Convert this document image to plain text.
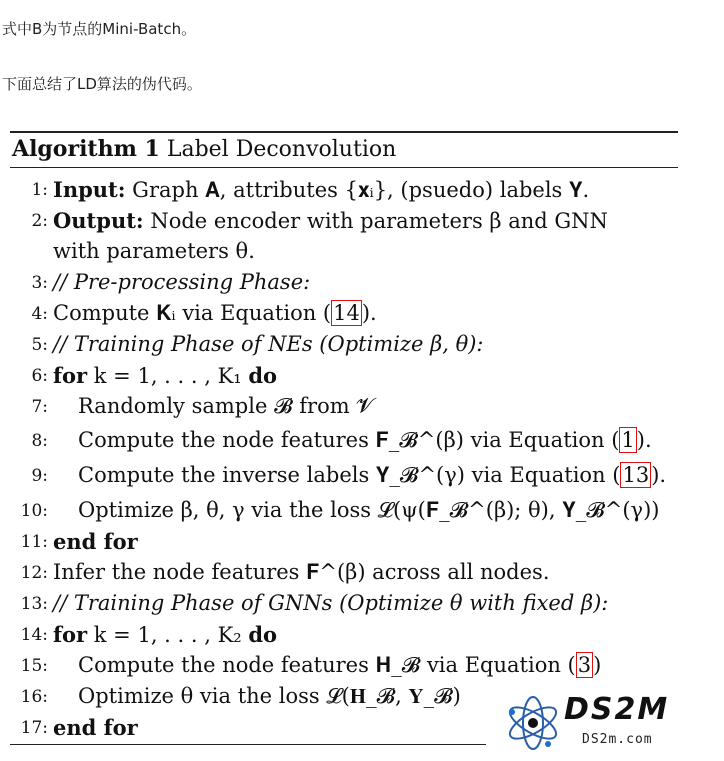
式中B为节点的Mini-Batch。
下面总结了LD算法的伪代码。
Algorithm 1 Label Deconvolution
1: Input: Graph 𝐀, attributes {𝐱ᵢ}, (psuedo) labels 𝐘.
2: Output: Node encoder with parameters β and GNN
with parameters θ.
3: // Pre-processing Phase:
4: Compute 𝐊ᵢ via Equation (14).
5: // Training Phase of NEs (Optimize β, θ):
6: for k = 1, . . . , K₁ do
7: Randomly sample 𝓑 from 𝓥
8: Compute the node features 𝐅_𝓑^(β) via Equation (1).
9: Compute the inverse labels 𝐘_𝓑^(γ) via Equation (13).
10: Optimize β, θ, γ via the loss 𝓛(ψ(𝐅_𝓑^(β); θ), 𝐘_𝓑^(γ))
11: end for
12: Infer the node features 𝐅^(β) across all nodes.
13: // Training Phase of GNNs (Optimize θ with fixed β):
14: for k = 1, . . . , K₂ do
15: Compute the node features 𝐇_𝓑 via Equation (3)
16: Optimize θ via the loss 𝓛(𝐇_𝓑, 𝐘_𝓑)
17: end for
DS2M
DS2m.com
